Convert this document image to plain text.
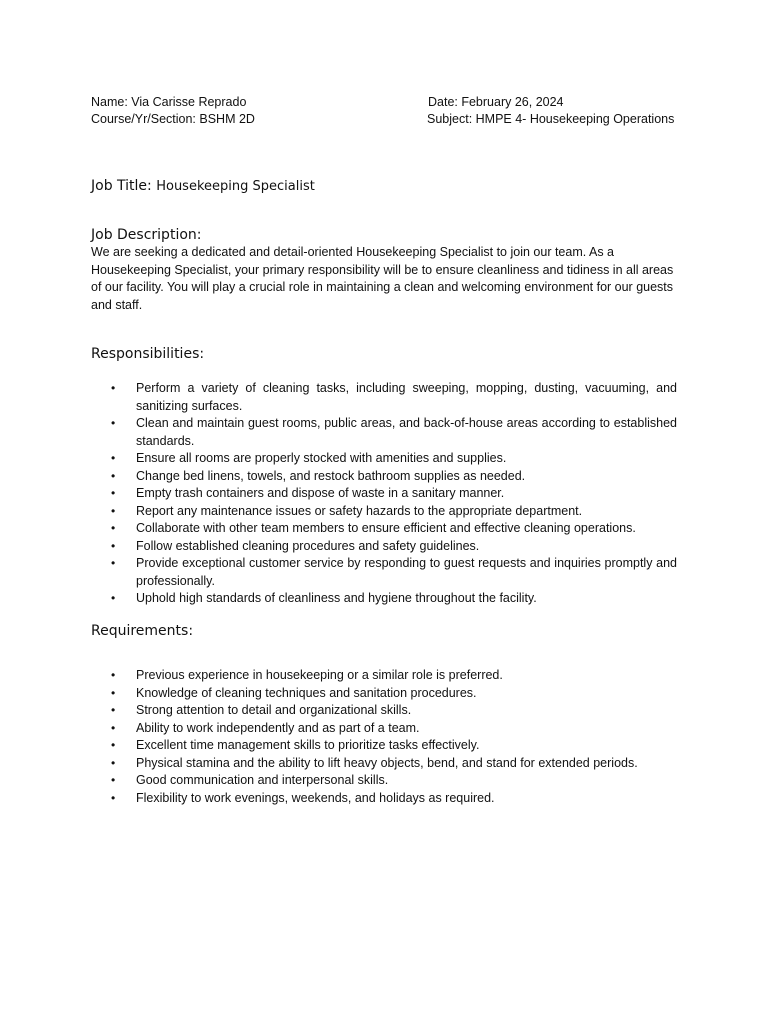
Name: Via Carisse Reprado	Date: February 26, 2024
Course/Yr/Section: BSHM 2D	Subject: HMPE 4- Housekeeping Operations
Job Title: Housekeeping Specialist
Job Description:

We are seeking a dedicated and detail-oriented Housekeeping Specialist to join our team. As a Housekeeping Specialist, your primary responsibility will be to ensure cleanliness and tidiness in all areas of our facility. You will play a crucial role in maintaining a clean and welcoming environment for our guests and staff.

Responsibilities:
• Perform a variety of cleaning tasks, including sweeping, mopping, dusting, vacuuming, and sanitizing surfaces.
• Clean and maintain guest rooms, public areas, and back-of-house areas according to established standards.
• Ensure all rooms are properly stocked with amenities and supplies.
• Change bed linens, towels, and restock bathroom supplies as needed.
• Empty trash containers and dispose of waste in a sanitary manner.
• Report any maintenance issues or safety hazards to the appropriate department.
• Collaborate with other team members to ensure efficient and effective cleaning operations.
• Follow established cleaning procedures and safety guidelines.
• Provide exceptional customer service by responding to guest requests and inquiries promptly and professionally.
• Uphold high standards of cleanliness and hygiene throughout the facility.
Requirements:
• Previous experience in housekeeping or a similar role is preferred.
• Knowledge of cleaning techniques and sanitation procedures.
• Strong attention to detail and organizational skills.
• Ability to work independently and as part of a team.
• Excellent time management skills to prioritize tasks effectively.
• Physical stamina and the ability to lift heavy objects, bend, and stand for extended periods.
• Good communication and interpersonal skills.
• Flexibility to work evenings, weekends, and holidays as required.
